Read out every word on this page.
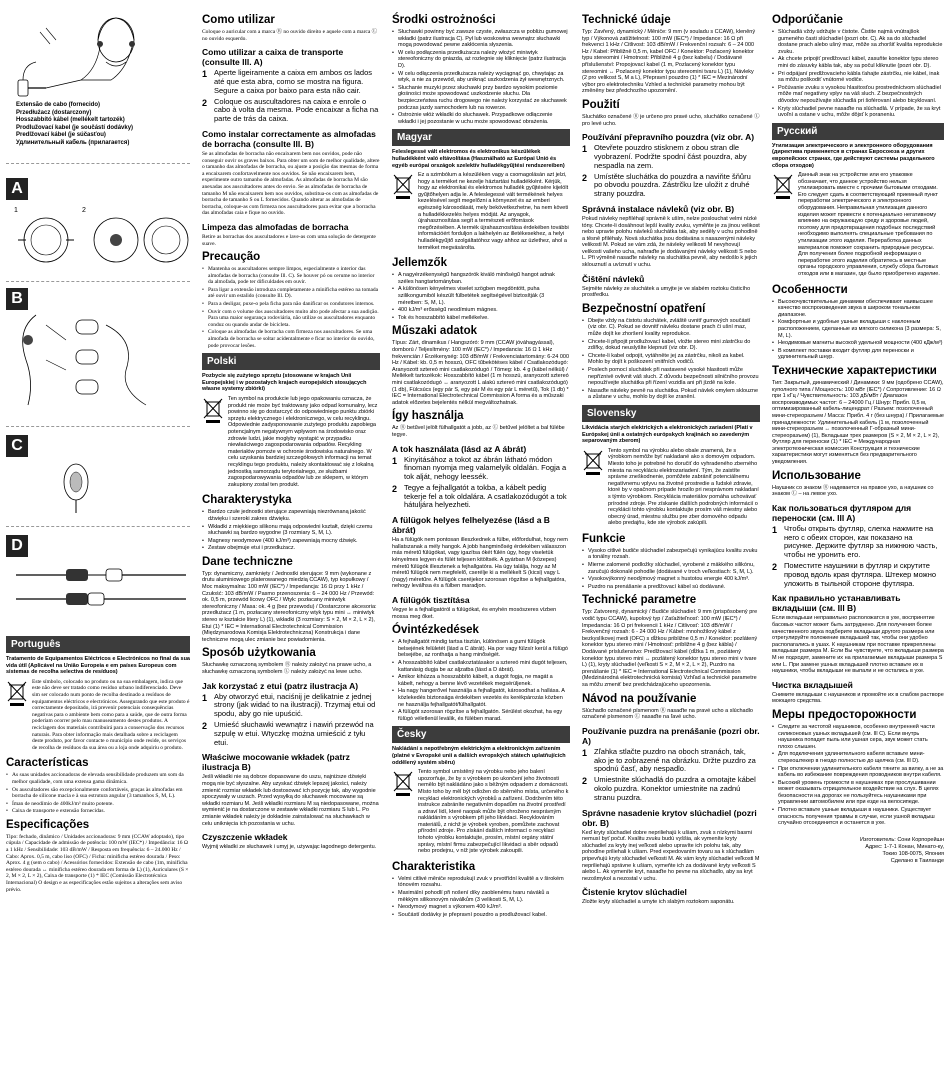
Extensão de cabo (fornecido)

Przedłużacz (dostarczony)

Hosszabbító kábel (mellékelt tartozék)

Prodlužovací kabel (je součástí dodávky)

Predlžovací kábel (je súčasťou)

Удлинительный кабель (прилагается)

A
1	2
B
C
D
Português

Tratamento de Equipamentos Eléctricos e Electrónicos no final da sua vida útil (Aplicável na União Europeia e em países Europeus com sistemas de recolha selectiva de resíduos)

Este símbolo, colocado no produto ou na sua embalagem, indica que este não deve ser tratado como resíduo urbano indiferenciado. Deve sim ser colocado num ponto de recolha destinado a resíduos de equipamentos eléctricos e electrónicos. Assegurando que este produto é correctamente depositado, irá prevenir potenciais consequências negativas para o ambiente bem como para a saúde, que de outra forma poderiam ocorrer pelo mau manuseamento destes produtos. A reciclagem dos materiais contribuirá para a conservação dos recursos naturais. Para obter informação mais detalhada sobre a reciclagem deste produto, por favor contacte o município onde reside, os serviços de recolha de resíduos da sua área ou a loja onde adquiriu o produto.

Características
• As suas unidades accionadoras de elevada sensibilidade produzem um som da melhor qualidade, com uma extensa gama dinâmica.
• Os auscultadores são excepcionalmente confortáveis, graças às almofadas em borracha de silicone macia e à sua estrutura angular (3 tamanhos S, M, L).
• Íman de neodímio de 400kJ/m³ muito potente.
• Caixa de transporte e extensão fornecidas.
Especificações

Tipo: fechado, dinâmico / Unidades accionadoras: 9 mm (CCAW adoptado), tipo cúpula / Capacidade de admissão de potência: 100 mW (IEC*) / Impedância: 16 Ω a 1 kHz / Sensibilidade: 103 dB/mW / Resposta em frequência: 6 – 24.000 Hz / Cabo: Aprox. 0,5 m, cabo liso (OFC) / Ficha: minificha estéreo dourada / Peso: Aprox. 4 g (sem o cabo) / Acessórios fornecidos: Extensão de cabo (1m, minificha estéreo dourada ↔ minificha estéreo dourada em forma de L) (1), Auriculares (S × 2, M × 2, L × 2), Caixa de transporte (1) * IEC (Comissão Electrotécnica Internacional) O design e as especificações estão sujeitos a alterações sem aviso prévio.

Como utilizar

Coloque o auricular com a marca Ⓡ no ouvido direito e aquele com a marca Ⓛ no ouvido esquerdo.

Como utilizar a caixa de transporte (consulte Ill. A)
1 Aperte ligeiramente a caixa em ambos os lados até que esta abra, como se mostra na figura. Segure a caixa por baixo para esta não cair.
2 Coloque os auscultadores na caixa e enrole o cabo à volta da mesma. Pode encaixar a ficha na parte de trás da caixa.
Como instalar correctamente as almofadas de borracha (consulte Ill. B)

Se as almofadas de borracha não encaixarem bem nos ouvidos, pode não conseguir ouvir os graves baixos. Para obter um som de melhor qualidade, altere o tamanho das almofadas de borracha, ou ajuste a posição das mesmas de forma a encaixarem confortavelmente nos ouvidos. Se não encaixarem bem, experimente outro tamanho de almofadas. As almofadas de borracha M são anexadas aos auscultadores antes do envio. Se as almofadas de borracha de tamanho M não encaixarem bem nos ouvidos, substitua-os com as almofadas de borracha de tamanho S ou L fornecidos. Quando alterar as almofadas de borracha, coloque-as com firmeza nos auscultadores para evitar que a borracha das almofadas caia e fique no ouvido.

Limpeza das almofadas de borracha

Retire as borrachas dos auscultadores e lave-as com uma solução de detergente suave.

Precaução
• Mantenha os auscultadores sempre limpos, especialmente o interior das almofadas de borracha (consulte Ill. C). Se houver pó ou cerume no interior da almofada, pode ter dificuldades em ouvir.
• Para ligar a extensão introduza completamente a minificha estéreo na tomada até ouvir um estalido (consulte Ill. D).
• Para a desligar, puxe-o pela ficha para não danificar os condutores internos.
• Ouvir com o volume dos auscultadores muito alto pode afectar a sua audição. Para uma maior segurança rodoviária, não utilize os auscultadores enquanto conduz ou quando andar de bicicleta.
• Coloque as almofadas de borracha com firmeza nos auscultadores. Se uma almofada de borracha se soltar acidentalmente e ficar no interior do ouvido, pode provocar lesões.
Polski

Pozbycie się zużytego sprzętu (stosowane w krajach Unii Europejskiej i w pozostałych krajach europejskich stosujących własne systemy zbiórki)

Ten symbol na produkcie lub jego opakowaniu oznacza, że produkt nie może być traktowany jako odpad komunalny, lecz powinno się go dostarczyć do odpowiedniego punktu zbiórki sprzętu elektrycznego i elektronicznego, w celu recyklingu. Odpowiednie zadysponowanie zużytego produktu zapobiega potencjalnym negatywnym wpływom na środowisko oraz zdrowie ludzi, jakie mogłyby wystąpić w przypadku niewłaściwego zagospodarowania odpadów. Recykling materiałów pomoże w ochronie środowiska naturalnego. W celu uzyskania bardziej szczegółowych informacji na temat recyklingu tego produktu, należy skontaktować się z lokalną jednostką samorządu terytorialnego, ze służbami zagospodarowywania odpadów lub ze sklepem, w którym zakupiony został ten produkt.

Charakterystyka
• Bardzo czułe jednostki sterujące zapewniają niezrównaną jakość dźwięku i szeroki zakres dźwięku.
• Wkładki z miękkiego silikonu mają odpowiedni kształt, dzięki czemu słuchawki są bardzo wygodne (3 rozmiary S, M, L).
• Magnesy neodymowe (400 kJ/m³) zapewniają mocny dźwięk.
• Zestaw obejmuje etui i przedłużacz.
Dane techniczne

Typ: dynamiczny, zamknięty / Jednostki sterujące: 9 mm (wykonane z drutu aluminiowego platerowanego miedzią CCAW), typ kopułkowy / Moc maksymalna: 100 mW (IEC*) / Impedancja: 16 Ω przy 1 kHz / Czułość: 103 dB/mW / Pasmo przenoszenia: 6 – 24 000 Hz / Przewód: ok. 0,5 m, przewód licowy OFC / Wtyk: pozłacany miniwtyk stereofoniczny / Masa: ok. 4 g (bez przewodu) / Dostarczone akcesoria: przedłużacz (1 m, pozłacany stereofoniczny wtyk typu mini ↔ miniwtyk stereo w kształcie litery L) (1), wkładki (3 rozmiary: S × 2, M × 2, L × 2), Etui (1) * IEC = International Electrotechnical Commission (Międzynarodowa Komisja Elektrotechniczna) Konstrukcja i dane techniczne mogą ulec zmianie bez powiadomienia.

Sposób użytkowania

Słuchawkę oznaczoną symbolem Ⓡ należy założyć na prawe ucho, a słuchawkę oznaczoną symbolem Ⓛ należy założyć na lewe ucho.

Jak korzystać z etui (patrz ilustracja A)
1 Aby otworzyć etui, naciśnij je delikatnie z jednej strony (jak widać to na ilustracji). Trzymaj etui od spodu, aby go nie upuścić.
2 Umieść słuchawki wewnątrz i nawiń przewód na szpulę w etui. Wtyczkę można umieścić z tyłu etui.
Właściwe mocowanie wkładek (patrz ilustracja B)

Jeśli wkładki nie są dobrze dopasowane do uszu, najniższe dźwięki mogą nie być słyszalne. Aby uzyskać dźwięk lepszej jakości, należy zmienić rozmiar wkładek lub dostosować ich pozycję tak, aby wygodnie spoczywały w uszach. Przed wysyłką do słuchawek mocowane są wkładki rozmiaru M. Jeśli wkładki rozmiaru M są niedopasowane, można wymienić je na dostarczone w zestawie wkładki rozmiaru S lub L. Po zmianie wkładek należy je dokładnie zainstalować na słuchawkach w celu uniknięcia ich pozostania w uchu.

Czyszczenie wkładek

Wyjmij wkładki ze słuchawek i umyj je, używając łagodnego detergentu.

Środki ostrożności
• Słuchawki powinny być zawsze czyste, zwłaszcza w pobliżu gumowej wkładki (patrz ilustracja C). Pył lub woskowina wewnątrz słuchawki mogą powodować pewne zakłócenia słyszenia.
• W celu podłączenia przedłużacza należy włożyć miniwtyk stereofoniczny do gniazda, aż rozlegnie się kliknięcie (patrz ilustracja D).
• W celu odłączenia przedłużacza należy wyciągnąć go, chwytając za wtyk, a nie za przewód, aby uniknąć uszkodzenia żył wewnętrznych.
• Słuchanie muzyki przez słuchawki przy bardzo wysokim poziomie głośności może spowodować uszkodzenie słuchu. Dla bezpieczeństwa ruchu drogowego nie należy korzystać ze słuchawek podczas jazdy samochodem lub na rowerze.
• Ostrożnie włóż wkładki do słuchawek. Przypadkowe odłączenie wkładki i jej pozostanie w uchu może spowodować obrażenia.
Magyar

Feleslegessé vált elektromos és elektronikus készülékek hulladékként való eltávolítása (Használható az Európai Unió és egyéb európai országok szelektív hulladékgyűjtési rendszereiben)

Ez a szimbólum a készüléken vagy a csomagolásán azt jelzi, hogy a terméket ne kezelje háztartási hulladékként. Kérjük, hogy az elektronikai és elektromos hulladék gyűjtésére kijelölt gyűjtőhelyen adja le. A feleslegessé vált termékének helyes kezelésével segít megelőzni a környezet és az emberi egészség károsodását, mely bekövetkezhetne, ha nem követi a hulladékkezelés helyes módját. Az anyagok, újrahasznosítása segít a természeti erőforrások megőrzésében. A termék újrahasznosítása érdekében további információért forduljon a lakhelyén az illetékesekhez, a helyi hulladékgyűjtő szolgáltatóhoz vagy ahhoz az üzlethez, ahol a terméket megvásárolta.

Jellemzők
• A nagyérzékenységű hangszórók kiváló minőségű hangot adnak széles hangtartományban.
• A különösen kényelmes viselet szögben megdöntött, puha szilikongumiból készült fülbetétek segítségével biztosítják (3 méretben: S, M, L).
• 400 kJ/m³ erősségű neodímium mágnes.
• Tok és hosszabbító kábel mellékelve.
Műszaki adatok

Típus: Zárt, dinamikus / Hangszóró: 9 mm (CCAW jóváhagyással), domború / Teljesítmény: 100 mW (IEC*) / Impedancia: 16 Ω 1 kHz frekvencián / Érzékenység: 103 dB/mW / Frekvenciatartomány: 6-24 000 Hz / Kábel: kb. 0,5 m hosszú, OFC tűbekötéses kábel / Csatlakozódugó: Aranyozott sztereó mini csatlakozódugó / Tömeg: kb. 4 g (kábel nélkül) / Mellékelt tartozékok: Hosszabbító kábel (1 m hosszú, aranyozott sztereó mini csatlakozódugó ↔ aranyozott L alakú sztereó mini csatlakozódugó) (1 db), Fülcsúcs (egy pár S, egy pár M és egy pár L méretű), Tok (1 db) * IEC = International Electrotechnical Commission A forma és a műszaki adatok előzetes bejelentés nélkül megváltozhatnak.

Így használja

Az Ⓡ betűvel jelölt fülhallgatót a jobb, az Ⓛ betűvel jelöltet a bal fülébe tegye.

A tok használata (lásd az A ábrát)
1 Kinyitásához a tokot az ábrán látható módon finoman nyomja meg valamelyik oldalán. Fogja a tok alját, nehogy leessék.
2 Tegye a fejhallgatót a tokba, a kábelt pedig tekerje fel a tok oldalára. A csatlakozódugót a tok hátuljára helyezheti.
A fülügok helyes felhelyezése (lásd a B ábrát)

Ha a fülügók nem pontosan illeszkednek a fülbe, előfordulhat, hogy nem hallatszanak a mély hangok. A jobb hangminőség érdekében válasszon más méretű fülügókat, vagy igazítsa ókét fülén úgy, hogy viseletük kényelmes legyen és fülét teljesen kitöltsék. A gyárban M (közepes) méretű fülügók illesztenek a fejhallgatóra. Ha úgy találja, hogy az M méretű fülügók nem megfelelő, cserélje ki a mellékelt S (kicsi) vagy L (nagy) méretűre. A fülügók cseréjekor szorosan rögzítse a fejhallgatóra, nehogy leválhsa és a fülben maradjon.

A fülügók tisztítása

Vegye le a fejhallgatóról a fülügókat, és enyhén mosószeres vízben mossa meg őket.

Óvintézkedések
• A fejhallgatót mindig tartsa tisztán, különösen a gumi fülügók belsejének felületét (lásd a C ábrát). Ha por vagy fülzsír kerül a fülügó belsejébe, az ronthatja a hang minőségét.
• A hosszabbító kábel csatlakoztatásakor a sztereó mini dugót teljesen, kattanásig dugja be az aljzatba (lásd a D ábrát).
• Amikor kihúzza a hosszabbító kábelt, a dugót fogja, ne magát a kábelt, nehogy a benne lévő vezetékek megsérüljenek.
• Ha nagy hangerővel használja a fejhallgatót, károsodhat a hallása. A közlekedés biztonsága érdekében vezetés és kerékpározás közben ne használja fejhallgatót/fülhallgatót.
• A fülügót szorosan rögzítse a fejhallgatón. Sérülést okozhat, ha egy fülügó véletlenül leválik, és fülében marad.
Česky

Nakládání s nepotřebným elektrickým a elektronickým zařízením (platné v Evropské unii a dalších evropských státech uplatňujících oddělený systém sběru)

Tento symbol umístěný na výrobku nebo jeho balení upozorňuje, že by s výrobkem po ukončení jeho životnosti nemělo být nakládáno jako s běžným odpadem z domácnosti. Místo toho by měl být odložen do sběrného místa, určeného k recyklaci elektronických výrobků a zařízení. Dodržením této instrukce zabráníte negativním dopadům na životní prostředí a zdraví lidí, které naopak může být ohroženo nesprávným nakládáním s výrobkem při jeho likvidaci. Recyklováním materiálů, z nichž je výrobek vyroben, pomůžete zachovat přírodní zdroje. Pro získání dalších informací o recyklaci tohoto výrobku kontaktujte, prosím, místní orgány státní správy, místní firmu zabezpečující likvidaci a sběr odpadů nebo prodejnu, v níž jste výrobek zakoupili.

Charakteristika
• Velmi citlivé měniče reprodukují zvuk v prvotřídní kvalitě a v širokém tónovém rozsahu.
• Maximální pohodlí při nošení díky zaoblenému tvaru náváků a měkkým silikonovým náválkům (3 velikosti S, M, L).
• Neodymový magnet s výkonem 400 kJ/m³.
• Součástí dodávky je přepravní pouzdro a prodlužovací kabel.
Technické údaje

Typ: Zavřený, dynamický / Měniče: 9 mm (v souladu s CCAW), kleněný typ / Výkonová zatížitelnost: 100 mW (IEC*) / Impedance: 16 Ω při frekvenci 1 kHz / Citlivost: 103 dB/mW / Frekvenční rozsah: 6 – 24 000 Hz / Kabel: Přibližně 0,5 m, kabel OFC / Konektor: Pozlacený konektor typu stereomini / Hmotnost: Přibližně 4 g (bez kabelu) / Dodávané příslušenství: Propojovací kabel (1 m, Pozlacený konektor typu stereomini ↔ Pozlacený konektor typu stereomini tvaru L) (1), Návleky (2 pro velikost S, M a L), Přepravní pouzdro (1) * IEC = Mezinárodní výbor pro elektrotechniku Vzhled a technické parametry mohou být změněny bez předchozího upozornění.

Použití

Sluchátko označené Ⓡ je určeno pro pravé ucho, sluchátko označené Ⓛ pro levé ucho.

Používání přepravního pouzdra (viz obr. A)
1 Otevřete pouzdro stisknem z obou stran dle vyobrazení. Podržte spodní část pouzdra, aby nespadla na zem.
2 Umístěte sluchátka do pouzdra a naviňte šňůru po obvodu pouzdra. Zástrčku lze uložit z druhé strany pouzdra.
Správná instalace návleků (viz obr. B)

Pokud návleky nepřiléhají správně k uším, nelze poslouchat velmi nízké tóny. Chcete-li dosáhnout lepší kvality zvuku, vyměňte je za jinou velikost nebo upravte polohu návleků sluchátka tak, aby seděly v uchu pohodlně a těsně přiléhaly. Nová sluchátka jsou dodávána s nasazenými návleky velikosti M. Pokud se vám zdá, že návleky velikosti M nevyhovují velikosti vašeho ucha, nahraďte je dodávanými návleky velikosti S nebo L. Při výměně nasaďte návleky na sluchátka pevně, aby nedošlo k jejich sklouznutí a uvíznutí v uchu.

Čištění návleků

Sejměte návleky ze sluchátek a umyjte je ve slabém roztoku čisticího prostředku.

Bezpečnostní opatření
• Dbejte vždy na čistotu sluchátek, zvláště uvnitř gumových součástí (viz obr. C). Pokud se dovnitř návleku dostane prach či ušní maz, může dojít ke zhoršení kvality reprodukce.
• Chcete-li připojit prodlužovací kabel, vložte stereo mini zástrčku do zdířky, dokud neuslyšíte klepnutí (viz obr. D).
• Chcete-li kabel odpojit, vytáhněte jej za zástrčku, nikoli za kabel. Mohlo by dojít k poškození vnitřních vodičů.
• Poslech pomocí sluchátek při nastavené vysoké hlasitosti může nepříznivě ovlivnit váš sluch. Z důvodu bezpečnosti silničního provozu nepoužívejte sluchátka při řízení vozidla ani při jízdě na kole.
• Nasaďte návleky pevně na sluchátka. Pokud návlek omylem sklouzne a zůstane v uchu, mohlo by dojít ke zranění.
Slovensky

Likvidácia starých elektrických a elektronických zariadení (Platí v Európskej únii a ostatných európskych krajinách so zavedeným separovaným zberom)

Tento symbol na výrobku alebo obale znamená, že s výrobkom nemôže byť nakladané ako s domovým odpadom. Miesto toho je potrebné ho doručiť do vyhradeného zberného miesta na recykláciu elektrozariadení. Tým, že zaistíte správne zneškodnenie, pomôžete zabrániť potenciálnemu negatívnemu vplyvu na životné prostredie a ľudské zdravie, ktoré by v opačnom prípade hrozilo pri nesprávnom nakladaní s týmto výrobkom. Recyklácia materiálov pomáha uchovávať prírodné zdroje. Pre získanie ďalších podrobných informácií o recyklácii tohto výrobku kontaktujte prosím váš miestny alebo obecný úrad, miestnu službu pre zber domového odpadu alebo predajňu, kde ste výrobok zakúpili.

Funkcie
• Vysoko citlivé budiče slúchadiel zabezpečujú vynikajúcu kvalitu zvuku a tonálny rozsah.
• Mierne zalomené podložky slúchadiel, vyrobené z mäkkého silikónu, zaručujú dokonalé pohodlie (dodávané v troch veľkostiach: S, M, L).
• Vysokovýkonný neodýmový magnet s hustotou energie 400 kJ/m³.
• Puzdro na prenášanie a predlžovací kábel sú dodávané.
Technické parametre

Typ: Zatvorený, dynamický / Budiče slúchadiel: 9 mm (prispôsobený pre vodič typu CCAW), kupolový typ / Zaťažiteľnosť: 100 mW (IEC*) / Impedancia: 16 Ω pri frekvencii 1 kHz / Citlivosť: 103 dB/mW / Frekvenčný rozsah: 6 - 24 000 Hz / Kábel: mnohožilový kábel z bezkyslíkovej medi (OFC) s dĺžkou približne 0,5 m / Konektor: pozlátený konektor typu stereo mini / Hmotnosť: približne 4 g (bez kábla) / Dodávané príslušenstvo: Predlžovací kábel (dĺžka 1 m, pozlátený konektor typu stereo mini ↔ pozlátený konektor typu stereo mini v tvare L) (1), kryty slúchadiel (veľkosti S × 2, M × 2, L × 2), Puzdro na prenášanie (1) * IEC = International Electrotechnical Commission (Medzinárodná elektrotechnická komisia) Vzhľad a technické parametre sa môžu zmeniť bez predchádzajúceho upozornenia.

Návod na používanie

Slúchadlo označené písmenom Ⓡ nasaďte na pravé ucho a slúchadlo označené písmenom Ⓛ nasaďte na ľavé ucho.

Používanie puzdra na prenášanie (pozri obr. A)
1 Zľahka stlačte puzdro na oboch stranách, tak, ako je to zobrazené na obrázku. Držte puzdro za spodnú časť, aby nespadlo.
2 Umiestnite slúchadlá do puzdra a omotajte kábel okolo puzdra. Konektor umiestnite na zadnú stranu puzdra.
Správne nasadenie krytov slúchadiel (pozri obr. B)

Keď kryty slúchadiel dobre nepriliehajú k ušiam, zvuk s nízkymi basmi nemusí byť počuť. Kvalitu zvuku budú vyššia, ak vymeníte kryty slúchadiel za kryty inej veľkosti alebo upravíte ich polohu tak, aby pohodlne priliehali k ušiam. Pred expedovaním tovaru sa k slúchadlám pripevňujú kryty slúchadiel veľkosti M. Ak vám kryty slúchadiel veľkosti M nepriliehajú správne k ušiam, vymeňte ich za dodávané kryty veľkosti S alebo L. Ak vymeníte kryt, nasaďte ho pevne na slúchadlo, aby sa kryt nezošmykol a nezostal v uchu.

Čistenie krytov slúchadiel

Zložte kryty slúchadiel a umyte ich slabým roztokom saponátu.

Odporúčanie
• Slúchadlá vždy udržujte v čistote. Čistite najmä vnútrajšok gumeného časti slúchadiel (pozri obr. C). Ak sa do slúchadiel dostane prach alebo ušný maz, môže sa zhoršiť kvalita reprodukcie zvuku.
• Ak chcete pripojiť predlžovací kábel, zasuňte konektor typu stereo mini do zásuvky kábla tak, aby sa počul kliknutie (pozri obr. D).
• Pri odpájaní predlžovacieho kábla ťahajte zástrčku, nie kábel, inak sa môžu poškodiť vnútorné vodiče.
• Počúvanie zvuku s vysokou hlasitosťou prostredníctvom slúchadiel môže mať negatívny vplyv na váš sluch. Z bezpečnostných dôvodov nepoužívajte slúchadlá pri šoférovaní alebo bicyklovaní.
• Kryty slúchadiel pevne nasaďte na slúchadlá. V prípade, že sa kryt uvoľní a ostane v uchu, môže dôjsť k poraneniu.
Русский

Утилизация электрического и электронного оборудования (директива применяется в странах Евросоюза и других европейских странах, где действуют системы раздельного сбора отходов)

Данный знак на устройстве или его упаковке обозначает, что данное устройство нельзя утилизировать вместе с прочими бытовыми отходами. Его следует сдать в соответствующий приемный пункт переработки электрического и электронного оборудования. Неправильная утилизация данного изделия может привести к потенциально негативному влиянию на окружающую среду и здоровье людей, поэтому для предотвращения подобных последствий необходимо выполнять специальные требования по утилизации этого изделия. Переработка данных материалов поможет сохранить природные ресурсы. Для получения более подробной информации о переработке этого изделия обратитесь в местные органы городского управления, службу сбора бытовых отходов или в магазин, где было приобретено изделие.

Особенности
• Высокочувствительные динамики обеспечивают наивысшее качество воспроизведения звука в широком тональном диапазоне.
• Комфортные и удобные ушные вкладыши с наклонным расположением, сделанные из мягкого силикона (3 размера: S, M, L).
• Неодимовые магниты высокой удельной мощности (400 кДж/м³)
• В комплект поставки входит футляр для переноски и удлинительный шнур.
Технические характеристики

Тип: Закрытый, динамический / Динамики: 9 мм (одобрено CCAW), куполного типа / Мощность: 100 мВт (IEC*) / Сопротивление: 16 Ω при 1 кГц / Чувствительность: 103 дБ/мВт / Диапазон воспроизводимых частот: 6 – 24000 Гц / Шнур: Прибл. 0,5 м, оптимизированный кабель-лицендрат / Разъем: позолоченный мини-стереоразъем / Масса: Прибл. 4 г (без шнура) / Прилагаемые принадлежности: Удлинительный кабель (1 м, позолоченный мини-стереоразъем ↔ позолоченный Г-образный мини-стереоразъем) (1), Вкладыши трех размеров (S × 2, M × 2, L × 2), Футляр для переноски (1) * IEC = Международная электротехническая комиссия Конструкция и технические характеристики могут изменяться без предварительного уведомления.

Использование

Наушник со знаком Ⓡ надевается на правое ухо, а наушник со знаком Ⓛ – на левое ухо.

Как пользоваться футляром для переноски (см. Ill A)
1 Чтобы открыть футляр, слегка нажмите на него с обеих сторон, как показано на рисунке. Держите футляр за нижнюю часть, чтобы не уронить его.
2 Поместите наушники в футляр и скрутите провод вдоль края футляра. Штекер можно уложить в тыльной стороне футляра.
Как правильно устанавливать вкладыши (см. Ill B)

Если вкладыши неправильно расположатся в ухе, воспринятие басовых частот может быть затруднено. Для получения более качественного звука подберите вкладыши другого размера или отрегулируйте положение вкладышей так, чтобы они удобно располагались в ушах. К наушникам при поставке прикреплены вкладыши размера M. Если Вы чувствуете, что вкладыши размера M не подходят, замените их на прилагаемые вкладыши размера S или L. При замене ушных вкладышей плотно вставьте их в наушники, чтобы вкладыши не выпали и не остались в ухе.

Чистка вкладышей

Снимите вкладыши с наушников и промойте их в слабом растворе моющего средства.

Меры предосторожности
• Следите за чистотой наушников, особенно внутренней части силиконовых ушных вкладышей (см. Ill C). Если внутрь наушника попадет пыль или ушная сера, звук может стать плохо слышен.
• Для подключения удлинительного кабеля вставьте мини-стереоштекер в гнездо полностью до щелчка (см. Ill D).
• При отключении удлинительного кабеля тяните за вилку, а не за кабель во избежание повреждения проводников внутри кабеля.
• Высокий уровень громкости в наушниках при прослушивании может оказывать отрицательное воздействие на слух. В целях безопасности на дорогах не пользуйтесь наушниками при управлении автомобилем или при езде на велосипеде.
• Плотно вставьте ушные вкладыши в наушники. Существует опасность получения травмы в случае, если ушной вкладыш случайно отсоединится и останется в ухе.

Изготовитель: Сони Корпорейшн

Адрес: 1-7-1 Конан, Минато-ку,

Токио 108-0075, Япония

Сделано в Таиланде
